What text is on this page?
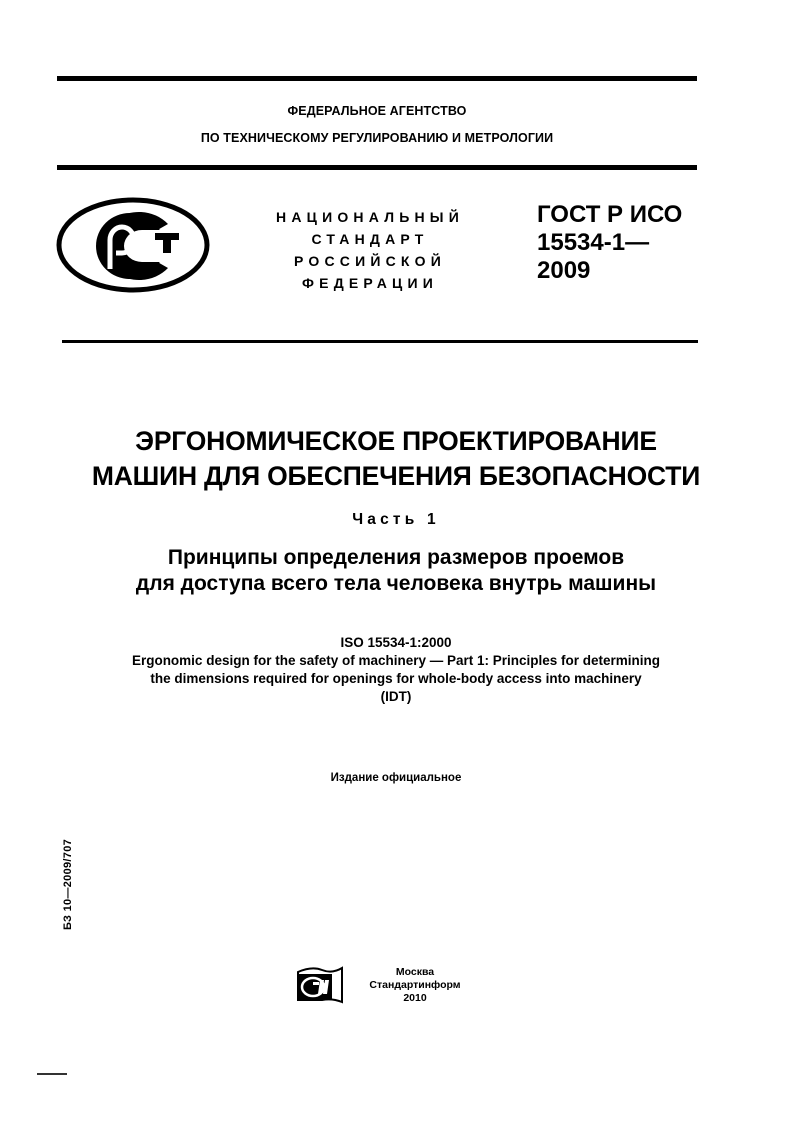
ФЕДЕРАЛЬНОЕ АГЕНТСТВО
ПО ТЕХНИЧЕСКОМУ РЕГУЛИРОВАНИЮ И МЕТРОЛОГИИ
НАЦИОНАЛЬНЫЙ
СТАНДАРТ
РОССИЙСКОЙ
ФЕДЕРАЦИИ
ГОСТ Р ИСО
15534-1—
2009
ЭРГОНОМИЧЕСКОЕ ПРОЕКТИРОВАНИЕ
МАШИН ДЛЯ ОБЕСПЕЧЕНИЯ БЕЗОПАСНОСТИ
Часть 1
Принципы определения размеров проемов
для доступа всего тела человека внутрь машины
ISO 15534-1:2000
Ergonomic design for the safety of machinery — Part 1: Principles for determining
the dimensions required for openings for whole-body access into machinery
(IDT)
Издание официальное
БЗ 10—2009/707
Москва
Стандартинформ
2010
